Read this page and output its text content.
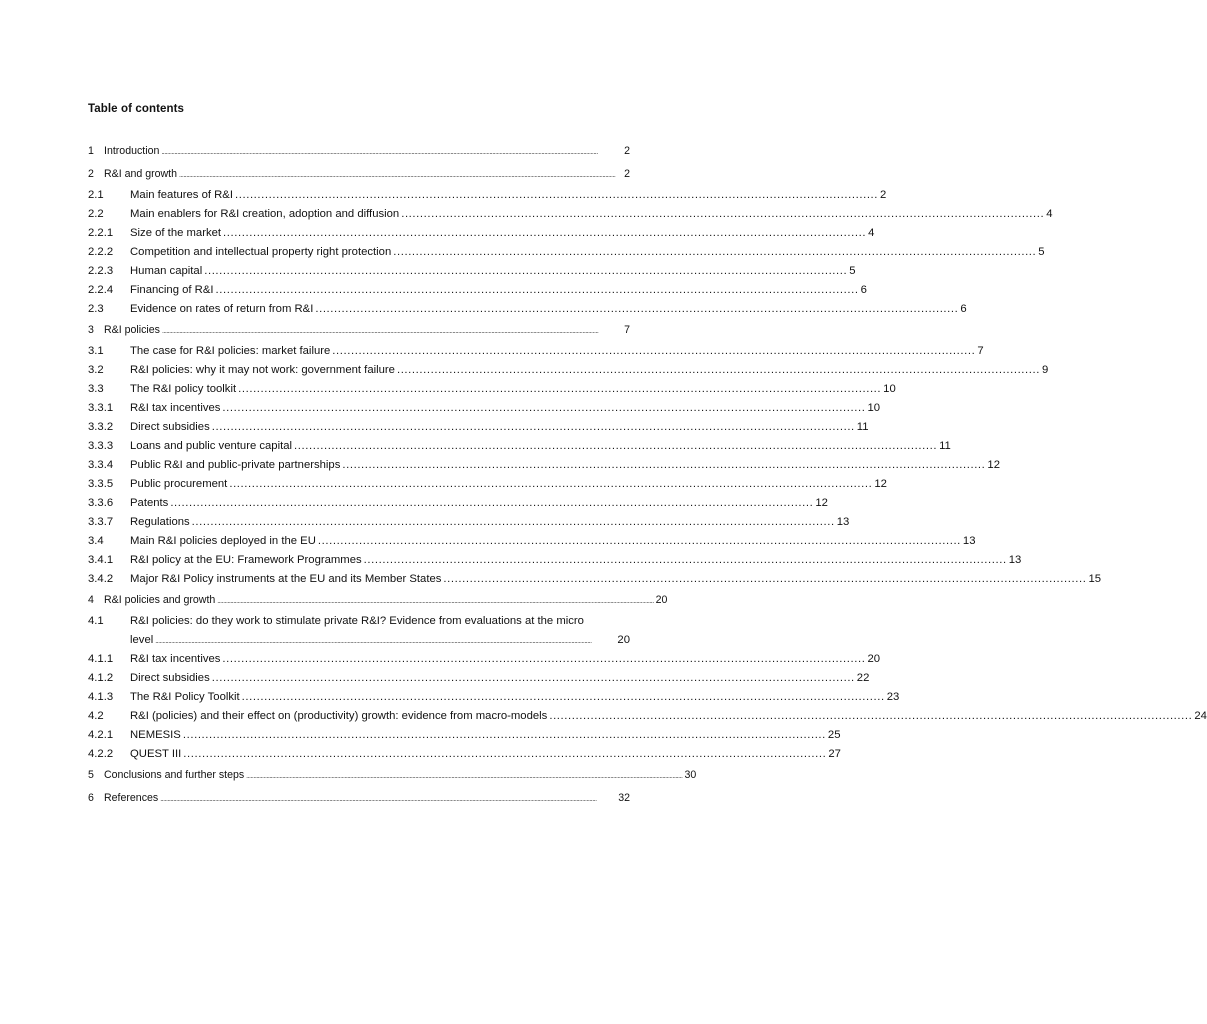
Table of contents
1 Introduction ..............................................................................................................................................................................................................................................................................................................	2
2 R&I and growth .............................................................................................................................................................................................................................................................................................................. 2
2.1	Main features of R&I ............................................................................................................................................................................ 2
2.2	Main enablers for R&I creation, adoption and diffusion ............................................................................................................................................................................ 4
2.2.1	Size of the market ............................................................................................................................................................................ 4
2.2.2	Competition and intellectual property right protection ............................................................................................................................................................................ 5
2.2.3	Human capital ............................................................................................................................................................................ 5
2.2.4	Financing of R&I ............................................................................................................................................................................ 6
2.3	Evidence on rates of return from R&I ............................................................................................................................................................................ 6
3 R&I policies ..............................................................................................................................................................................................................................................................................................................	7
3.1	The case for R&I policies: market failure ............................................................................................................................................................................ 7
3.2	R&I policies: why it may not work: government failure ............................................................................................................................................................................ 9
3.3	The R&I policy toolkit ............................................................................................................................................................................ 10
3.3.1	R&I tax incentives ............................................................................................................................................................................ 10
3.3.2	Direct subsidies ............................................................................................................................................................................ 11
3.3.3	Loans and public venture capital ............................................................................................................................................................................ 11
3.3.4	Public R&I and public-private partnerships ............................................................................................................................................................................ 12
3.3.5	Public procurement ............................................................................................................................................................................ 12
3.3.6	Patents ............................................................................................................................................................................ 12
3.3.7	Regulations ............................................................................................................................................................................ 13
3.4	Main R&I policies deployed in the EU ............................................................................................................................................................................ 13
3.4.1	R&I policy at the EU: Framework Programmes ............................................................................................................................................................................ 13
3.4.2	Major R&I Policy instruments at the EU and its Member States ............................................................................................................................................................................ 15
4 R&I policies and growth .............................................................................................................................................................................................................................................................................................................. 20
4.1	R&I policies: do they work to stimulate private R&I? Evidence from evaluations at the micro
level ..............................................................................................................................................................................................................................................................................................................	20
4.1.1	R&I tax incentives ............................................................................................................................................................................ 20
4.1.2	Direct subsidies ............................................................................................................................................................................ 22
4.1.3	The R&I Policy Toolkit ............................................................................................................................................................................ 23
4.2	R&I (policies) and their effect on (productivity) growth: evidence from macro-models ............................................................................................................................................................................ 24
4.2.1	NEMESIS ............................................................................................................................................................................ 25
4.2.2	QUEST III ............................................................................................................................................................................ 27
5 Conclusions and further steps .............................................................................................................................................................................................................................................................................................................. 30
6 References ..............................................................................................................................................................................................................................................................................................................	32
